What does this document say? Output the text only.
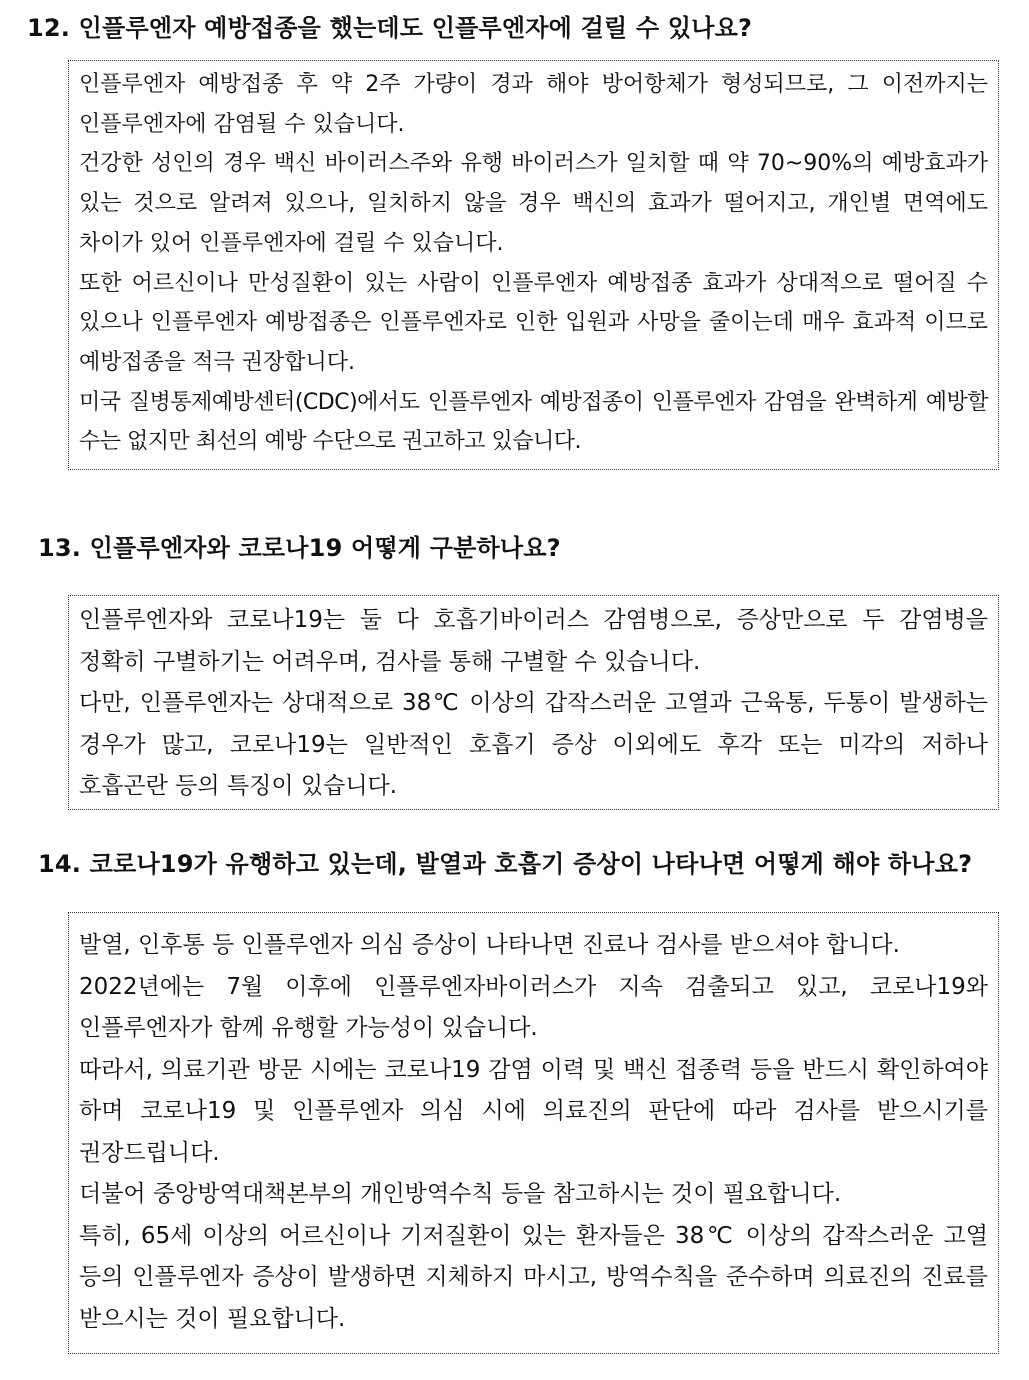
12. 인플루엔자 예방접종을 했는데도 인플루엔자에 걸릴 수 있나요?

인플루엔자 예방접종 후 약 2주 가량이 경과 해야 방어항체가 형성되므로, 그 이전까지는 인플루엔자에 감염될 수 있습니다.

건강한 성인의 경우 백신 바이러스주와 유행 바이러스가 일치할 때 약 70~90%의 예방효과가 있는 것으로 알려져 있으나, 일치하지 않을 경우 백신의 효과가 떨어지고, 개인별 면역에도 차이가 있어 인플루엔자에 걸릴 수 있습니다.

또한 어르신이나 만성질환이 있는 사람이 인플루엔자 예방접종 효과가 상대적으로 떨어질 수 있으나 인플루엔자 예방접종은 인플루엔자로 인한 입원과 사망을 줄이는데 매우 효과적 이므로 예방접종을 적극 권장합니다.

미국 질병통제예방센터(CDC)에서도 인플루엔자 예방접종이 인플루엔자 감염을 완벽하게 예방할 수는 없지만 최선의 예방 수단으로 권고하고 있습니다.

13. 인플루엔자와 코로나19 어떻게 구분하나요?

인플루엔자와 코로나19는 둘 다 호흡기바이러스 감염병으로, 증상만으로 두 감염병을 정확히 구별하기는 어려우며, 검사를 통해 구별할 수 있습니다.

다만, 인플루엔자는 상대적으로 38℃ 이상의 갑작스러운 고열과 근육통, 두통이 발생하는 경우가 많고, 코로나19는 일반적인 호흡기 증상 이외에도 후각 또는 미각의 저하나 호흡곤란 등의 특징이 있습니다.

14. 코로나19가 유행하고 있는데, 발열과 호흡기 증상이 나타나면 어떻게 해야 하나요?

발열, 인후통 등 인플루엔자 의심 증상이 나타나면 진료나 검사를 받으셔야 합니다.

2022년에는 7월 이후에 인플루엔자바이러스가 지속 검출되고 있고, 코로나19와 인플루엔자가 함께 유행할 가능성이 있습니다.

따라서, 의료기관 방문 시에는 코로나19 감염 이력 및 백신 접종력 등을 반드시 확인하여야 하며 코로나19 및 인플루엔자 의심 시에 의료진의 판단에 따라 검사를 받으시기를 권장드립니다.

더불어 중앙방역대책본부의 개인방역수칙 등을 참고하시는 것이 필요합니다.

특히, 65세 이상의 어르신이나 기저질환이 있는 환자들은 38℃ 이상의 갑작스러운 고열 등의 인플루엔자 증상이 발생하면 지체하지 마시고, 방역수칙을 준수하며 의료진의 진료를 받으시는 것이 필요합니다.
